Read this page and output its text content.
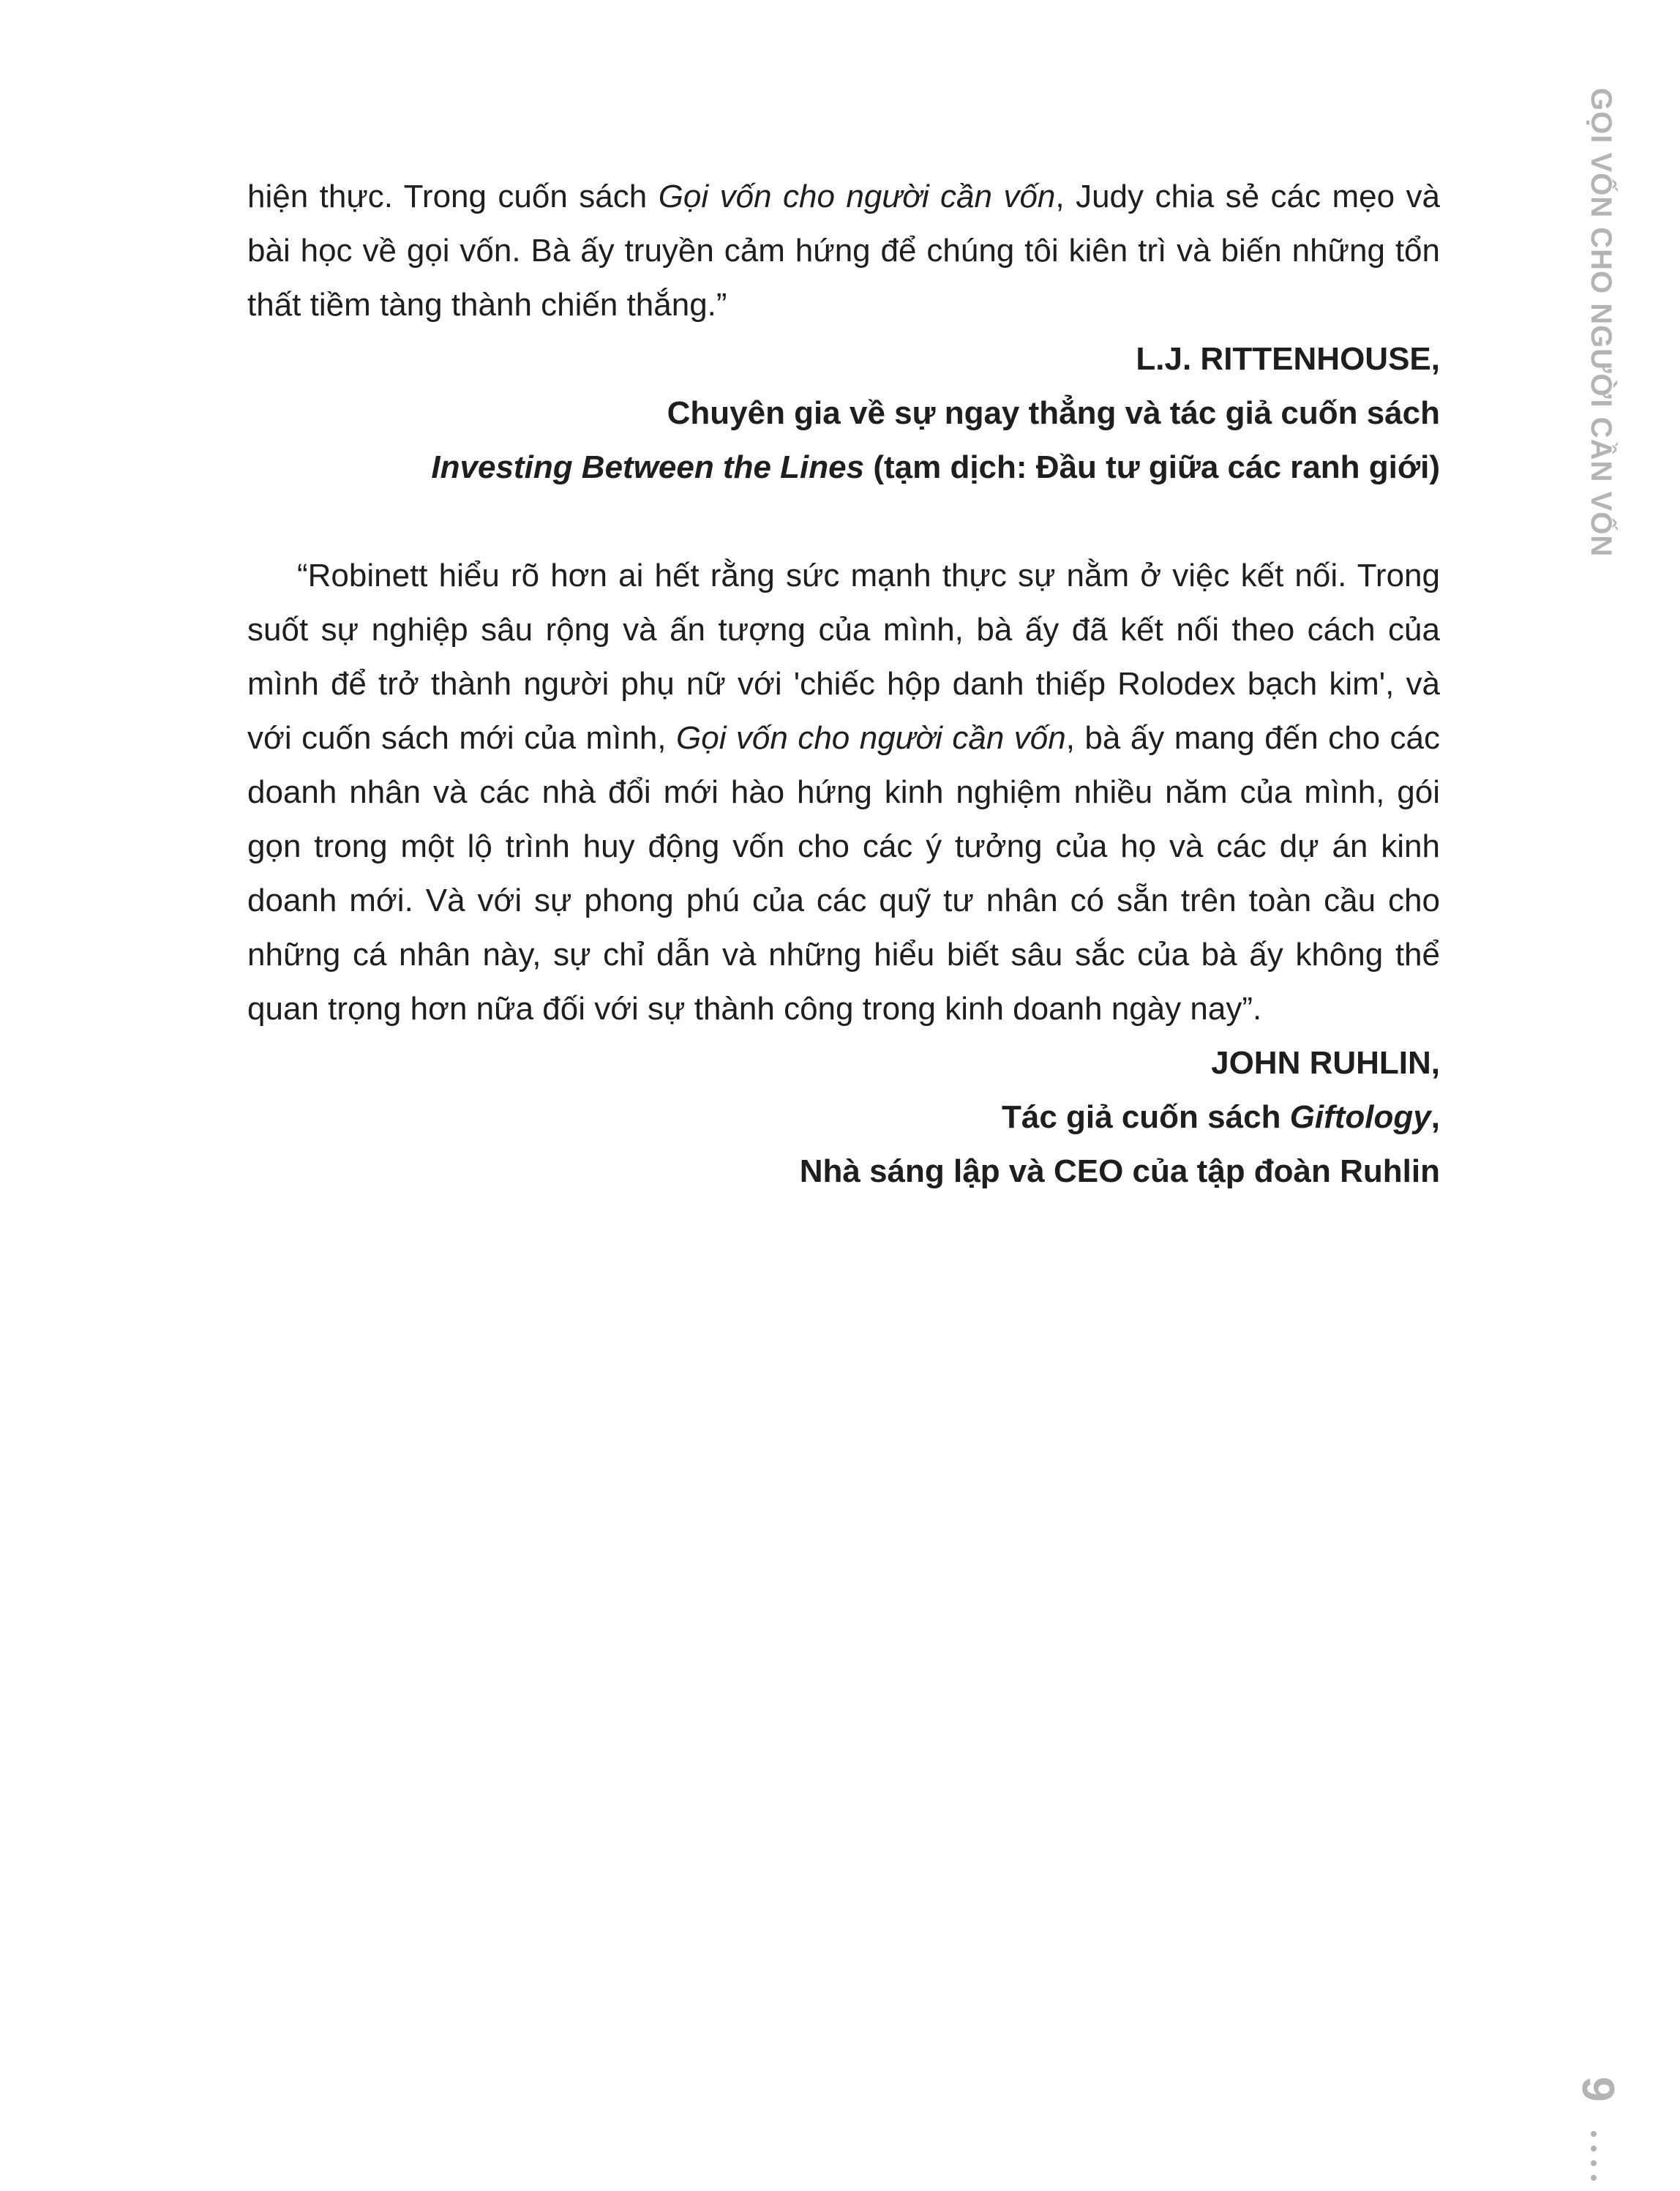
GỌI VỐN CHO NGƯỜI CẦN VỐN

hiện thực. Trong cuốn sách Gọi vốn cho người cần vốn, Judy chia sẻ các mẹo và bài học về gọi vốn. Bà ấy truyền cảm hứng để chúng tôi kiên trì và biến những tổn thất tiềm tàng thành chiến thắng.”

L.J. RITTENHOUSE,

Chuyên gia về sự ngay thẳng và tác giả cuốn sách

Investing Between the Lines (tạm dịch: Đầu tư giữa các ranh giới)

“Robinett hiểu rõ hơn ai hết rằng sức mạnh thực sự nằm ở việc kết nối. Trong suốt sự nghiệp sâu rộng và ấn tượng của mình, bà ấy đã kết nối theo cách của mình để trở thành người phụ nữ với 'chiếc hộp danh thiếp Rolodex bạch kim', và với cuốn sách mới của mình, Gọi vốn cho người cần vốn, bà ấy mang đến cho các doanh nhân và các nhà đổi mới hào hứng kinh nghiệm nhiều năm của mình, gói gọn trong một lộ trình huy động vốn cho các ý tưởng của họ và các dự án kinh doanh mới. Và với sự phong phú của các quỹ tư nhân có sẵn trên toàn cầu cho những cá nhân này, sự chỉ dẫn và những hiểu biết sâu sắc của bà ấy không thể quan trọng hơn nữa đối với sự thành công trong kinh doanh ngày nay”.

JOHN RUHLIN,

Tác giả cuốn sách Giftology,

Nhà sáng lập và CEO của tập đoàn Ruhlin

9
